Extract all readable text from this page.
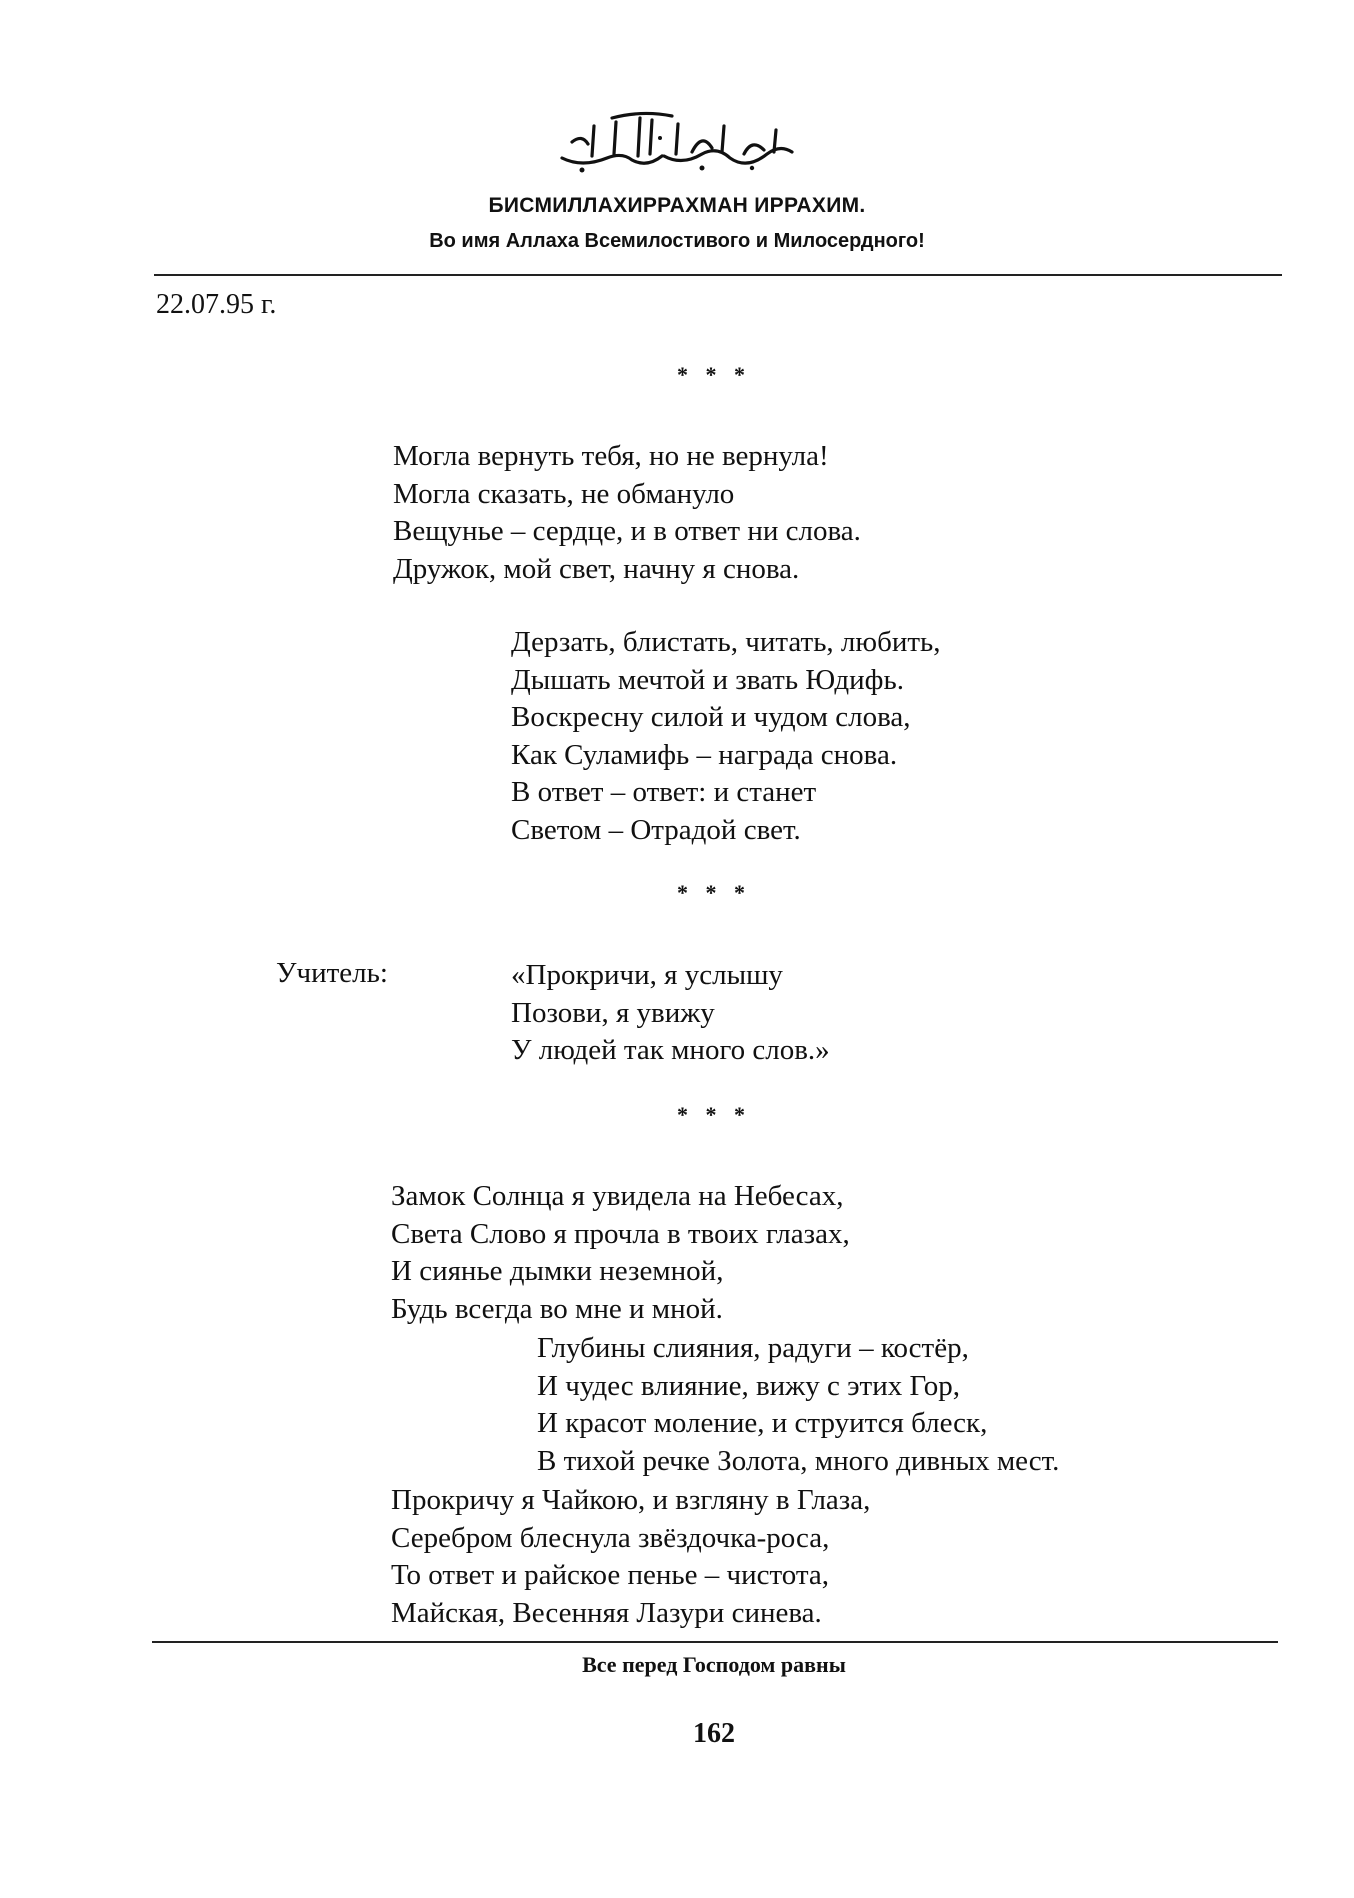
БИСМИЛЛАХИРРАХМАН ИРРАХИМ.
Во имя Аллаха Всемилостивого и Милосердного!
22.07.95 г.
* * *
Могла вернуть тебя, но не вернула!
Могла сказать, не обмануло
Вещунье – сердце, и в ответ ни слова.
Дружок, мой свет, начну я снова.
Дерзать, блистать, читать, любить,
Дышать мечтой и звать Юдифь.
Воскресну силой и чудом слова,
Как Суламифь – награда снова.
В ответ – ответ: и станет
Светом – Отрадой свет.
* * *
Учитель:	«Прокричи, я услышу
Позови, я увижу
У людей так много слов.»
* * *
Замок Солнца я увидела на Небесах,
Света Слово я прочла в твоих глазах,
И сиянье дымки неземной,
Будь всегда во мне и мной.
Глубины слияния, радуги – костёр,
И чудес влияние, вижу с этих Гор,
И красот моление, и струится блеск,
В тихой речке Золота, много дивных мест.
Прокричу я Чайкою, и взгляну в Глаза,
Серебром блеснула звёздочка-роса,
То ответ и райское пенье – чистота,
Майская, Весенняя Лазури синева.
Все перед Господом равны
162
